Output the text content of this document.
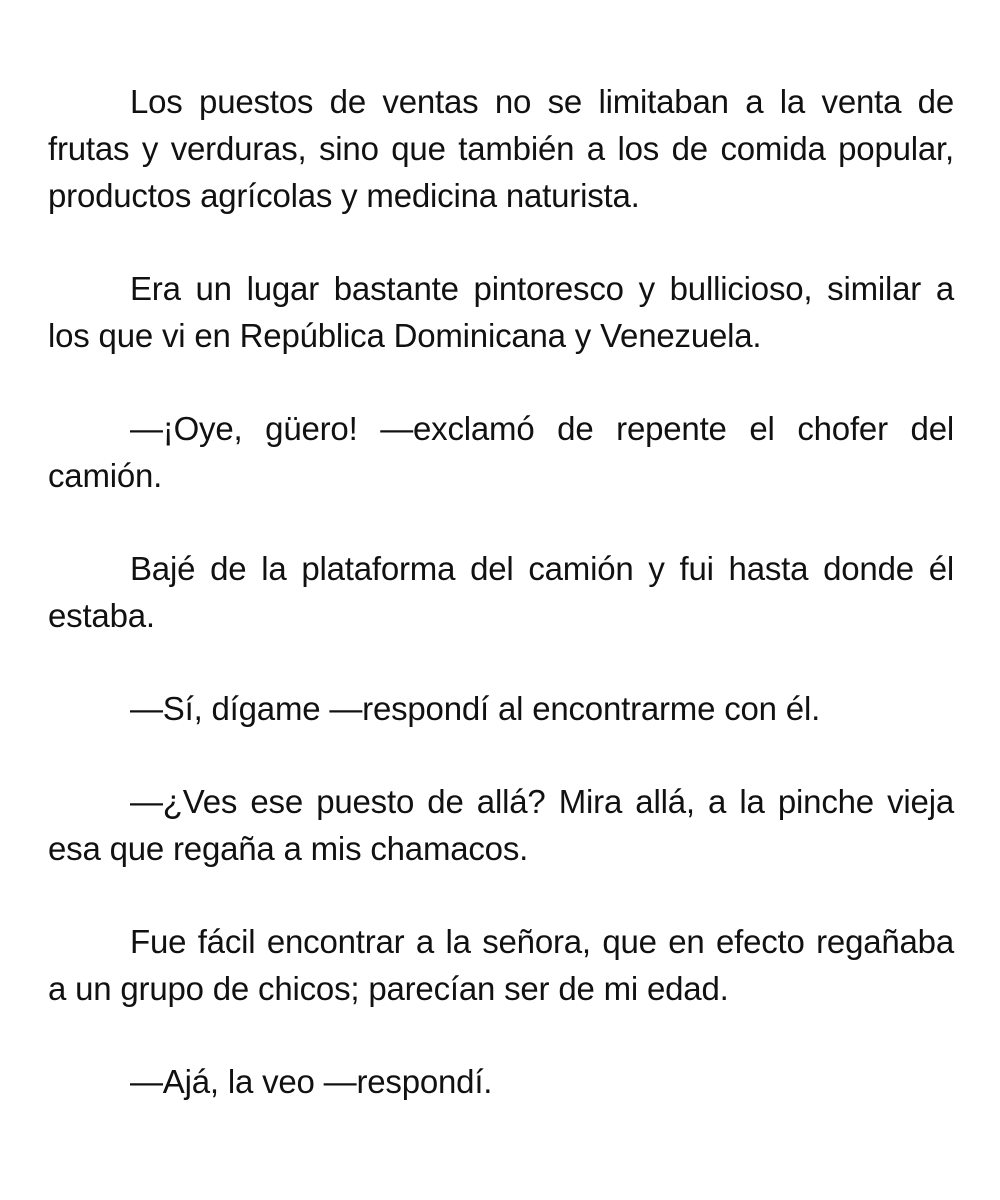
Los puestos de ventas no se limitaban a la venta de frutas y verduras, sino que también a los de comida popular, productos agrícolas y medicina naturista.

Era un lugar bastante pintoresco y bullicioso, similar a los que vi en República Dominicana y Venezuela.

—¡Oye, güero! —exclamó de repente el chofer del camión.

Bajé de la plataforma del camión y fui hasta donde él estaba.

—Sí, dígame —respondí al encontrarme con él.

—¿Ves ese puesto de allá? Mira allá, a la pinche vieja esa que regaña a mis chamacos.

Fue fácil encontrar a la señora, que en efecto regañaba a un grupo de chicos; parecían ser de mi edad.

—Ajá, la veo —respondí.
